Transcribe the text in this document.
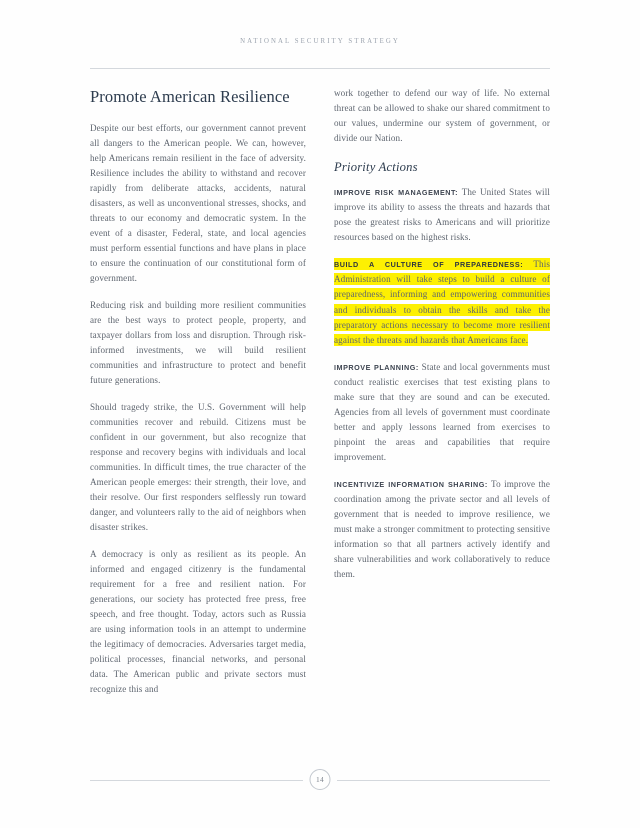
NATIONAL SECURITY STRATEGY
Promote American Resilience

Despite our best efforts, our government cannot prevent all dangers to the American people. We can, however, help Americans remain resilient in the face of adversity. Resilience includes the ability to withstand and recover rapidly from deliberate attacks, accidents, natural disasters, as well as unconventional stresses, shocks, and threats to our economy and democratic system. In the event of a disaster, Federal, state, and local agencies must perform essential functions and have plans in place to ensure the continuation of our constitutional form of government.

Reducing risk and building more resilient communities are the best ways to protect people, property, and taxpayer dollars from loss and disruption. Through risk-informed investments, we will build resilient communities and infrastructure to protect and benefit future generations.

Should tragedy strike, the U.S. Government will help communities recover and rebuild. Citizens must be confident in our government, but also recognize that response and recovery begins with individuals and local communities. In difficult times, the true character of the American people emerges: their strength, their love, and their resolve. Our first responders selflessly run toward danger, and volunteers rally to the aid of neighbors when disaster strikes.

A democracy is only as resilient as its people. An informed and engaged citizenry is the fundamental requirement for a free and resilient nation. For generations, our society has protected free press, free speech, and free thought. Today, actors such as Russia are using information tools in an attempt to undermine the legitimacy of democracies. Adversaries target media, political processes, financial networks, and personal data. The American public and private sectors must recognize this and

work together to defend our way of life. No external threat can be allowed to shake our shared commitment to our values, undermine our system of government, or divide our Nation.

Priority Actions

IMPROVE RISK MANAGEMENT: The United States will improve its ability to assess the threats and hazards that pose the greatest risks to Americans and will prioritize resources based on the highest risks.

BUILD A CULTURE OF PREPAREDNESS: This Administration will take steps to build a culture of preparedness, informing and empowering communities and individuals to obtain the skills and take the preparatory actions necessary to become more resilient against the threats and hazards that Americans face.

IMPROVE PLANNING: State and local governments must conduct realistic exercises that test existing plans to make sure that they are sound and can be executed. Agencies from all levels of government must coordinate better and apply lessons learned from exercises to pinpoint the areas and capabilities that require improvement.

INCENTIVIZE INFORMATION SHARING: To improve the coordination among the private sector and all levels of government that is needed to improve resilience, we must make a stronger commitment to protecting sensitive information so that all partners actively identify and share vulnerabilities and work collaboratively to reduce them.

14
